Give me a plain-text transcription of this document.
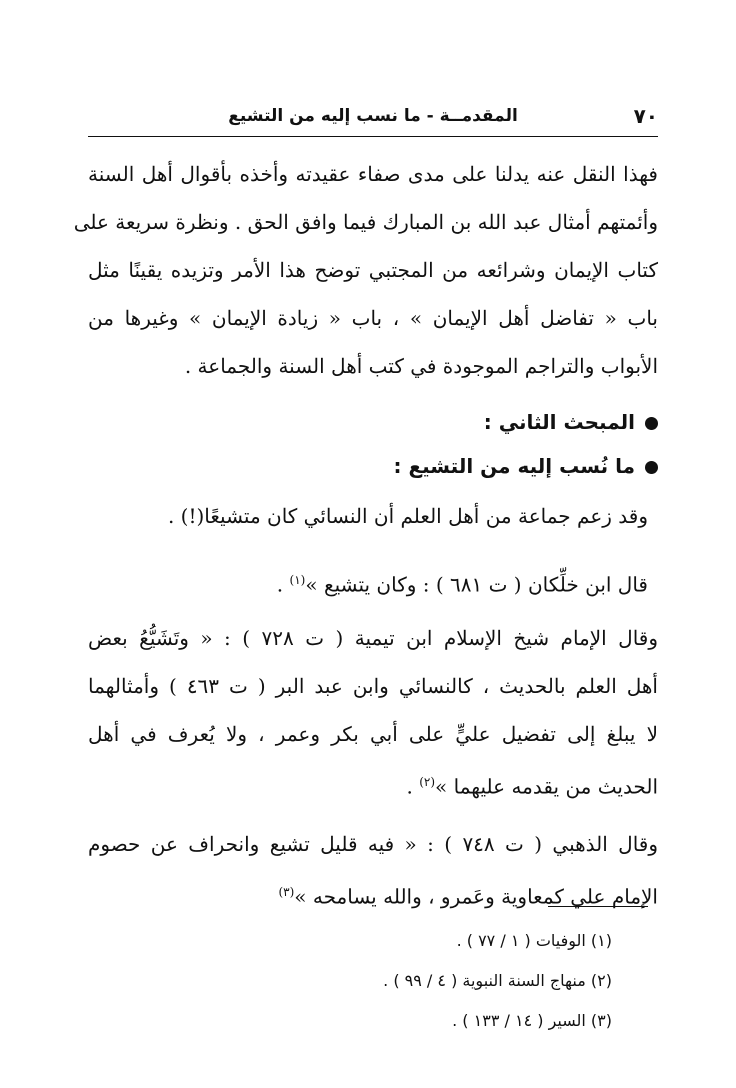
٧٠
المقدمــة - ما نسب إليه من التشيع
فهذا النقل عنه يدلنا على مدى صفاء عقيدته وأخذه بأقوال أهل السنة
وأئمتهم أمثال عبد الله بن المبارك فيما وافق الحق . ونظرة سريعة على
كتاب الإيمان وشرائعه من المجتبي توضح هذا الأمر وتزيده يقينًا مثل
باب « تفاضل أهل الإيمان » ، باب « زيادة الإيمان » وغيرها من
الأبواب والتراجم الموجودة في كتب أهل السنة والجماعة .
المبحث الثاني :
ما نُسب إليه من التشيع :
وقد زعم جماعة من أهل العلم أن النسائي كان متشيعًا(!) .
قال ابن خلِّكان ( ت ٦٨١ ) : وكان يتشيع »$^{(١)}$ .
وقال الإمام شيخ الإسلام ابن تيمية ( ت ٧٢٨ ) : « وتَشَيُّعُ بعض
أهل العلم بالحديث ، كالنسائي وابن عبد البر ( ت ٤٦٣ ) وأمثالهما
لا يبلغ إلى تفضيل عليٍّ على أبي بكر وعمر ، ولا يُعرف في أهل
الحديث من يقدمه عليهما »$^{(٢)}$ .
وقال الذهبي ( ت ٧٤٨ ) : « فيه قليل تشيع وانحراف عن حصوم
الإمام علي كمعاوية وعَمرو ، والله يسامحه »$^{(٣)}$
(١) الوفيات ( ١ / ٧٧ ) .
(٢) منهاج السنة النبوية ( ٤ / ٩٩ ) .
(٣) السير ( ١٤ / ١٣٣ ) .
